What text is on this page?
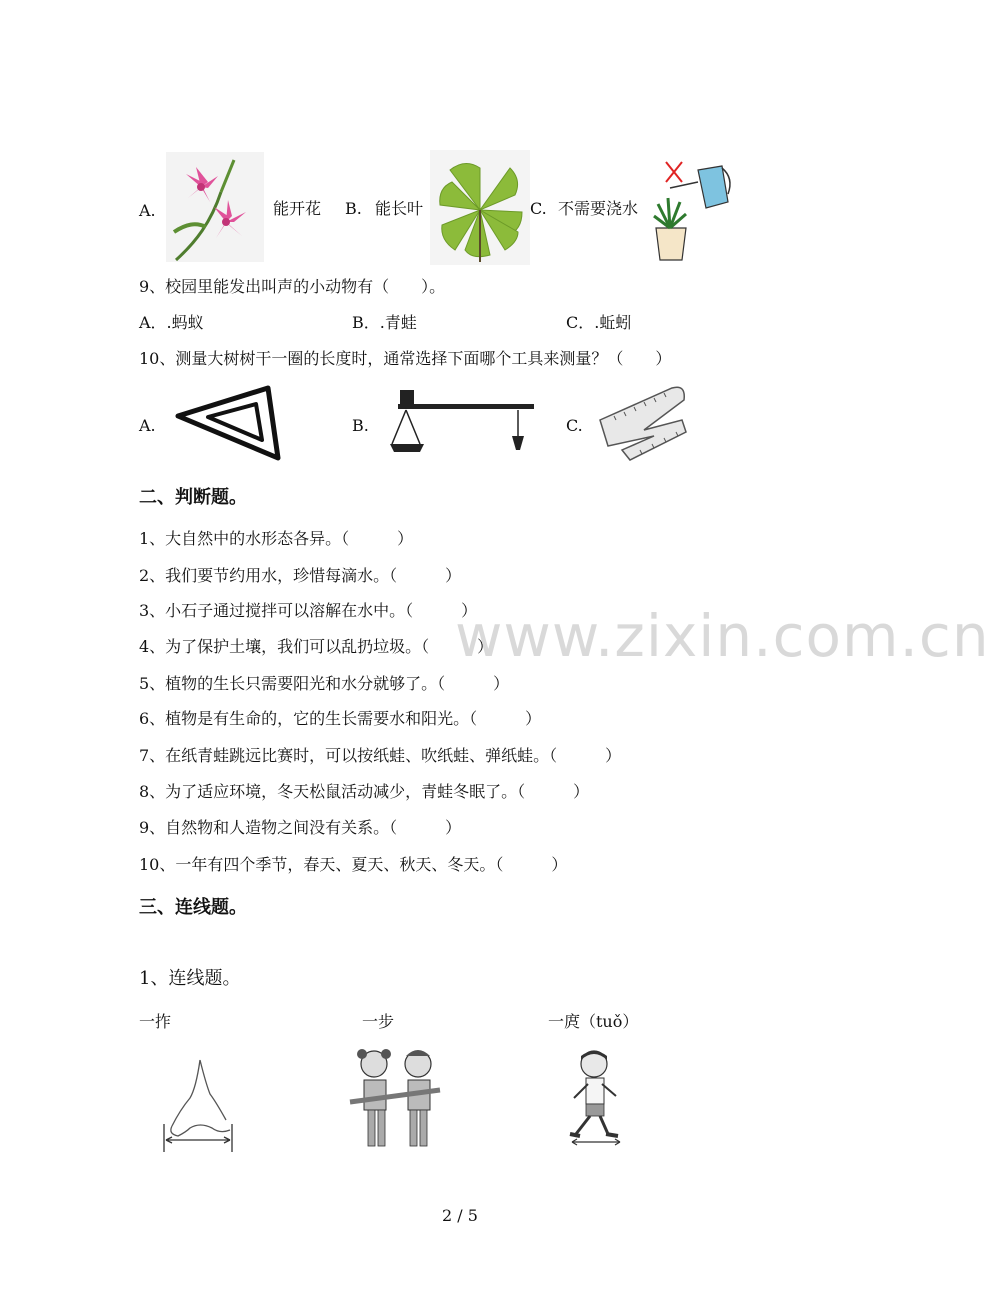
A.	能开花 B. 能长叶	C. 不需要浇水
9、校园里能发出叫声的小动物有（　　）。
A．.蚂蚁	B．.青蛙	C．.蚯蚓
10、测量大树树干一圈的长度时，通常选择下面哪个工具来测量？（　　）
A.	B.	C.
二、判断题。
1、大自然中的水形态各异。（　　　）
2、我们要节约用水，珍惜每滴水。（　　　）
3、小石子通过搅拌可以溶解在水中。（　　　）
4、为了保护土壤，我们可以乱扔垃圾。（　　　）
5、植物的生长只需要阳光和水分就够了。（　　　）
6、植物是有生命的，它的生长需要水和阳光。（　　　）
7、在纸青蛙跳远比赛时，可以按纸蛙、吹纸蛙、弹纸蛙。（　　　）
8、为了适应环境，冬天松鼠活动减少，青蛙冬眠了。（　　　）
9、自然物和人造物之间没有关系。（　　　）
10、一年有四个季节，春天、夏天、秋天、冬天。（　　　）
www.zixin.com.cn
三、连线题。
1、连线题。
一拃	一步	一庹（tuǒ）
2 / 5
